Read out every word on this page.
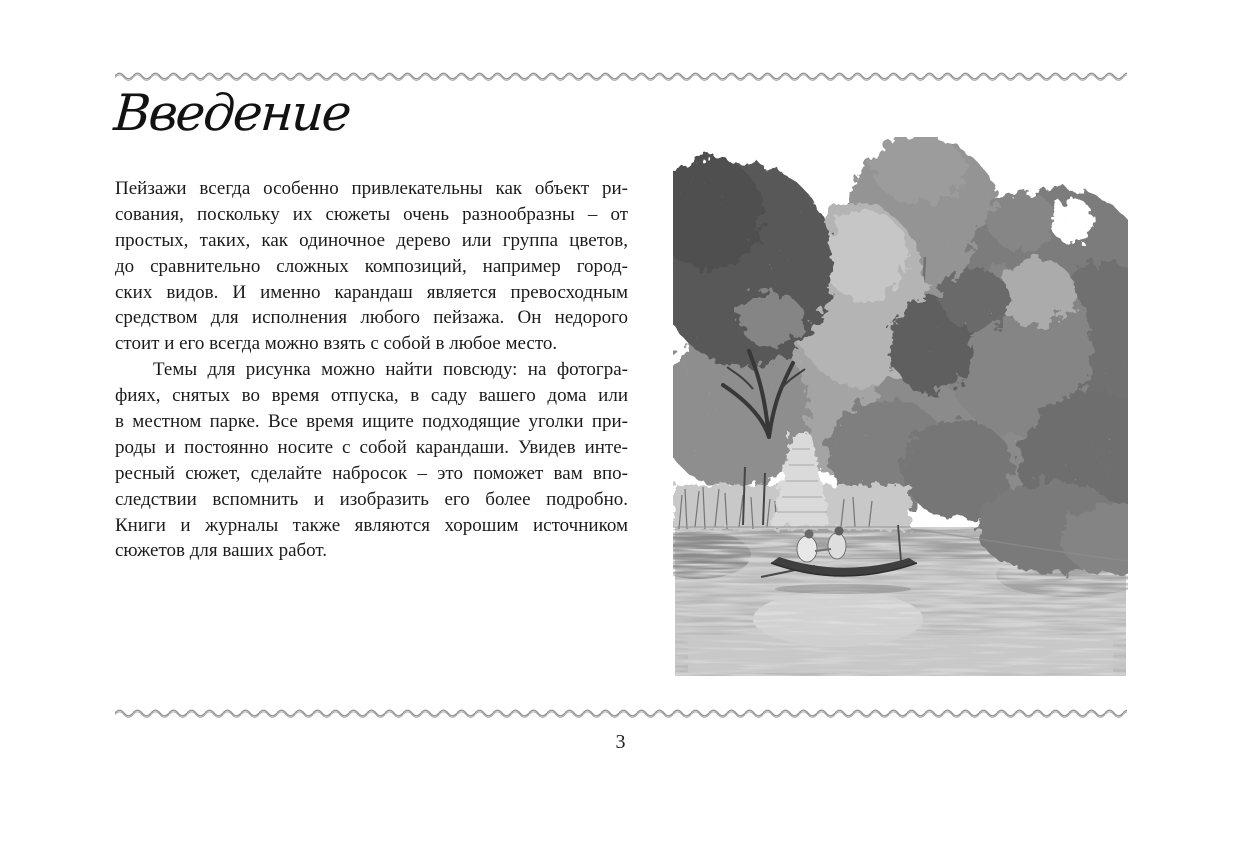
Введение
Пейзажи всегда особенно привлекательны как объект ри-
сования, поскольку их сюжеты очень разнообразны – от
простых, таких, как одиночное дерево или группа цветов,
до сравнительно сложных композиций, например город-
ских видов. И именно карандаш является превосходным
средством для исполнения любого пейзажа. Он недорого
стоит и его всегда можно взять с собой в любое место.
Темы для рисунка можно найти повсюду: на фотогра-
фиях, снятых во время отпуска, в саду вашего дома или
в местном парке. Все время ищите подходящие уголки при-
роды и постоянно носите с собой карандаши. Увидев инте-
ресный сюжет, сделайте набросок – это поможет вам впо-
следствии вспомнить и изобразить его более подробно.
Книги и журналы также являются хорошим источником
сюжетов для ваших работ.
3
